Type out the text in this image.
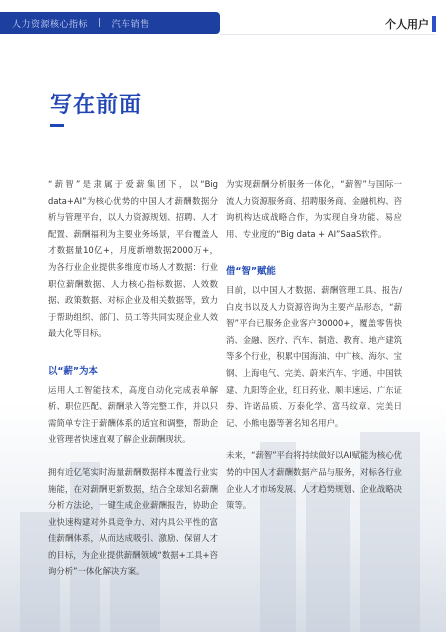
人力资源核心指标 | 汽车销售	个人用户
写在前面

“薪智”是隶属于爱薪集团下，以“Big data+AI”为核心优势的中国人才薪酬数据分析与管理平台，以人力资源规划、招聘、人才配置、薪酬福利为主要业务场景，平台覆盖人才数据量10亿+，月度新增数据2000万+，为各行业企业提供多维度市场人才数据：行业职位薪酬数据、人力核心指标数据、人效数据、政策数据、对标企业及相关数据等，致力于帮助组织、部门、员工等共同实现企业人效最大化等目标。

以“薪”为本

运用人工智能技术，高度自动化完成表单解析、职位匹配、薪酬录入等完整工作，并以只需简单专注于薪酬体系的适宜和调整，帮助企业管理者快速直观了解企业薪酬现状。

拥有近亿笔实时海量薪酬数据样本覆盖行业实施能，在对薪酬更新数据，结合全球知名薪酬分析方法论，一键生成企业薪酬报告，协助企业快速构建对外具竞争力、对内具公平性的富佳薪酬体系，从而达成吸引、激励、保留人才的目标，为企业提供薪酬领域“数据+工具+咨询分析”一体化解决方案。

为实现薪酬分析服务一体化，“薪智”与国际一流人力资源服务商、招聘服务商、金融机构、咨询机构达成战略合作，为实现自身功能、易应用、专业度的“Big data + AI”SaaS软件。

借“智”赋能

目前，以中国人才数据、薪酬管理工具、报告/白皮书以及人力资源咨询为主要产品形态，“薪智”平台已服务企业客户30000+，覆盖零售快消、金融、医疗、汽车、制造、教育、地产建筑等多个行业，积累中国海油、中广核、海尔、宝钢、上海电气、完美、蔚来汽车、宇通、中国铁建、九阳等企业，红日药业、顺丰速运、广东证券、许诺品质、万泰化学、富马纹章、完美日记、小熊电器等著名知名用户。

未来，“薪智”平台将持续做好以AI赋能为核心优势的中国人才薪酬数据产品与服务，对标各行业企业人才市场发展、人才趋势规划、企业战略决策等。
